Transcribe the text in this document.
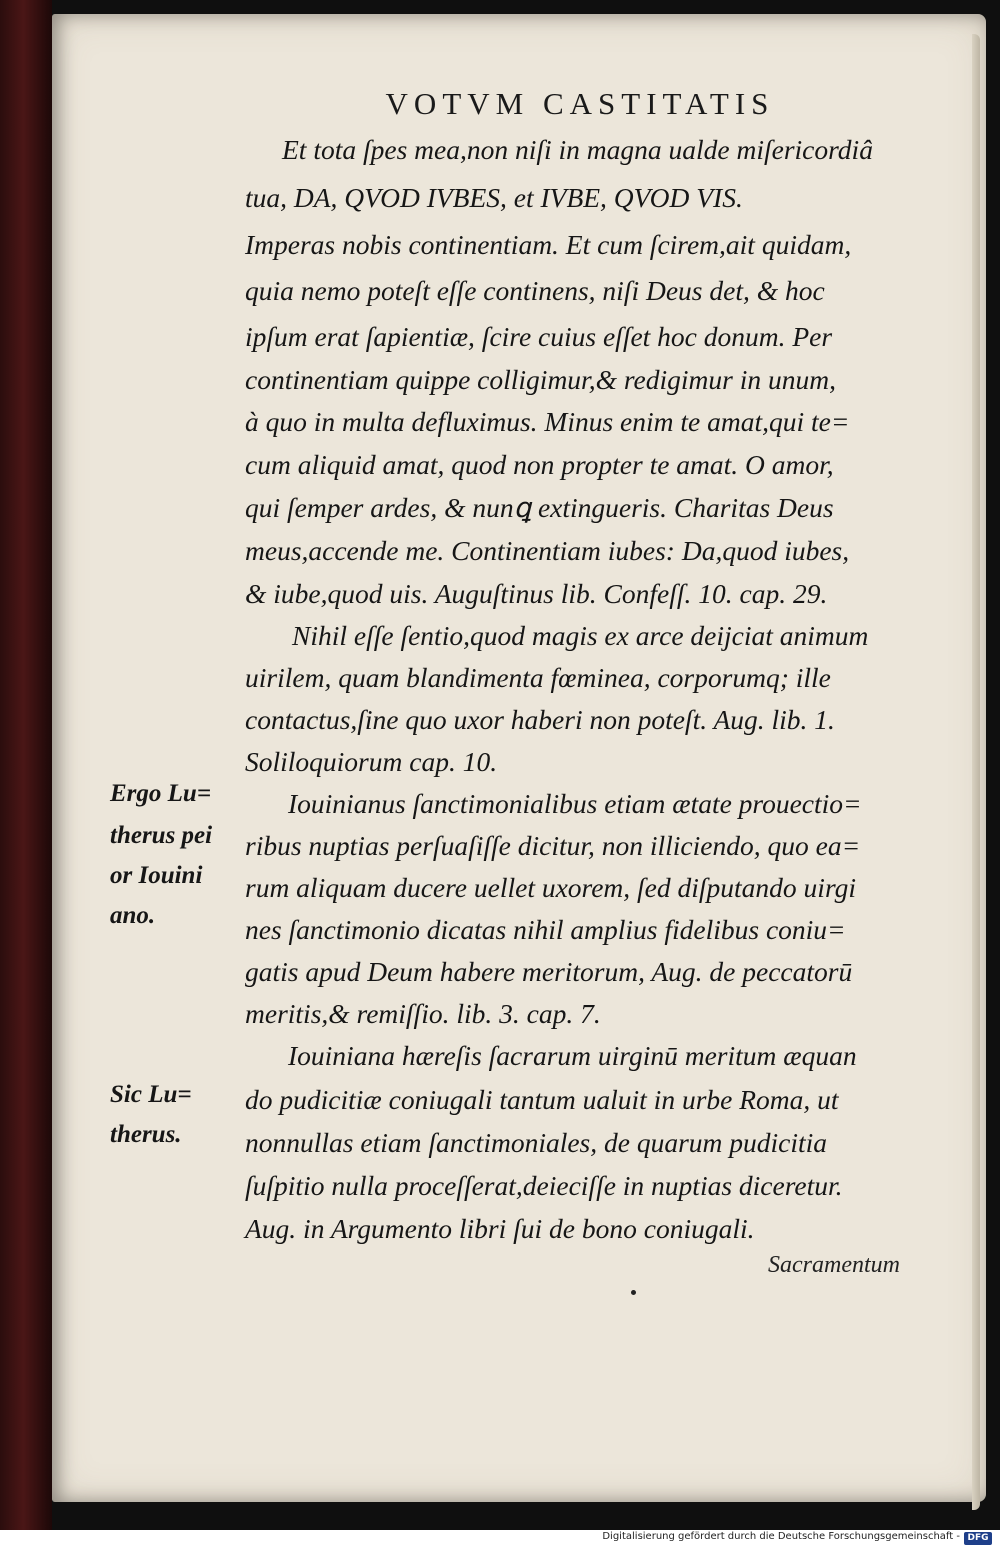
VOTVM CASTITATIS
Et tota ſpes mea,non niſi in magna ualde miſericordiâ
tua, DA, QVOD IVBES, et IVBE, QVOD VIS.
Imperas nobis continentiam. Et cum ſcirem,ait quidam,
quia nemo poteſt eſſe continens, niſi Deus det, & hoc
ipſum erat ſapientiæ, ſcire cuius eſſet hoc donum. Per
continentiam quippe colligimur,& redigimur in unum,
à quo in multa defluximus. Minus enim te amat,qui te=
cum aliquid amat, quod non propter te amat. O amor,
qui ſemper ardes, & nunꝗ extingueris. Charitas Deus
meus,accende me. Continentiam iubes: Da,quod iubes,
& iube,quod uis. Auguſtinus lib. Confeſſ. 10. cap. 29.
Nihil eſſe ſentio,quod magis ex arce deijciat animum
uirilem, quam blandimenta fœminea, corporumq; ille
contactus,ſine quo uxor haberi non poteſt. Aug. lib. 1.
Soliloquiorum cap. 10.
Iouinianus ſanctimonialibus etiam ætate prouectio=
ribus nuptias perſuaſiſſe dicitur, non illiciendo, quo ea=
rum aliquam ducere uellet uxorem, ſed diſputando uirgi
nes ſanctimonio dicatas nihil amplius fidelibus coniu=
gatis apud Deum habere meritorum, Aug. de peccatorū
meritis,& remiſſio. lib. 3. cap. 7.
Iouiniana hæreſis ſacrarum uirginū meritum æquan
do pudicitiæ coniugali tantum ualuit in urbe Roma, ut
nonnullas etiam ſanctimoniales, de quarum pudicitia
ſuſpitio nulla proceſſerat,deieciſſe in nuptias diceretur.
Aug. in Argumento libri ſui de bono coniugali.
Ergo Lu=
therus pei
or Iouini
ano.
Sic Lu=
therus.
Sacramentum
Digitalisierung gefördert durch die Deutsche Forschungsgemeinschaft - DFG
